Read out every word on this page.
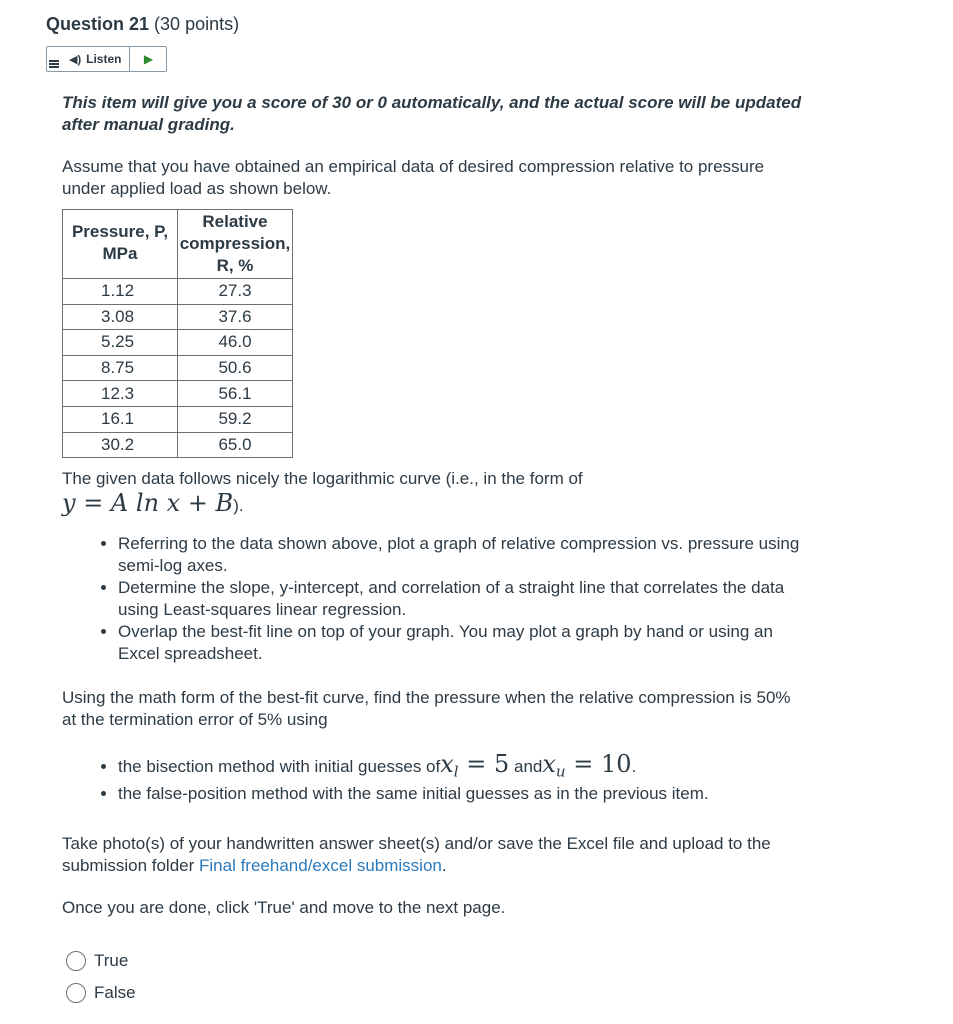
Question 21 (30 points)
◀) Listen ▶

This item will give you a score of 30 or 0 automatically, and the actual score will be updated after manual grading.

Assume that you have obtained an empirical data of desired compression relative to pressure under applied load as shown below.

Pressure, P, MPa	Relative compression, R, %
1.12	27.3
3.08	37.6
5.25	46.0
8.75	50.6
12.3	56.1
16.1	59.2
30.2	65.0

The given data follows nicely the logarithmic curve (i.e., in the form of

y = A ln x + B).

• Referring to the data shown above, plot a graph of relative compression vs. pressure using semi-log axes.
• Determine the slope, y-intercept, and correlation of a straight line that correlates the data using Least-squares linear regression.
• Overlap the best-fit line on top of your graph. You may plot a graph by hand or using an Excel spreadsheet.

Using the math form of the best-fit curve, find the pressure when the relative compression is 50% at the termination error of 5% using

• the bisection method with initial guesses ofx$_l$ = 5 andx$_u$ = 10.
• the false-position method with the same initial guesses as in the previous item.

Take photo(s) of your handwritten answer sheet(s) and/or save the Excel file and upload to the submission folder Final freehand/excel submission.

Once you are done, click 'True' and move to the next page.

True
False
